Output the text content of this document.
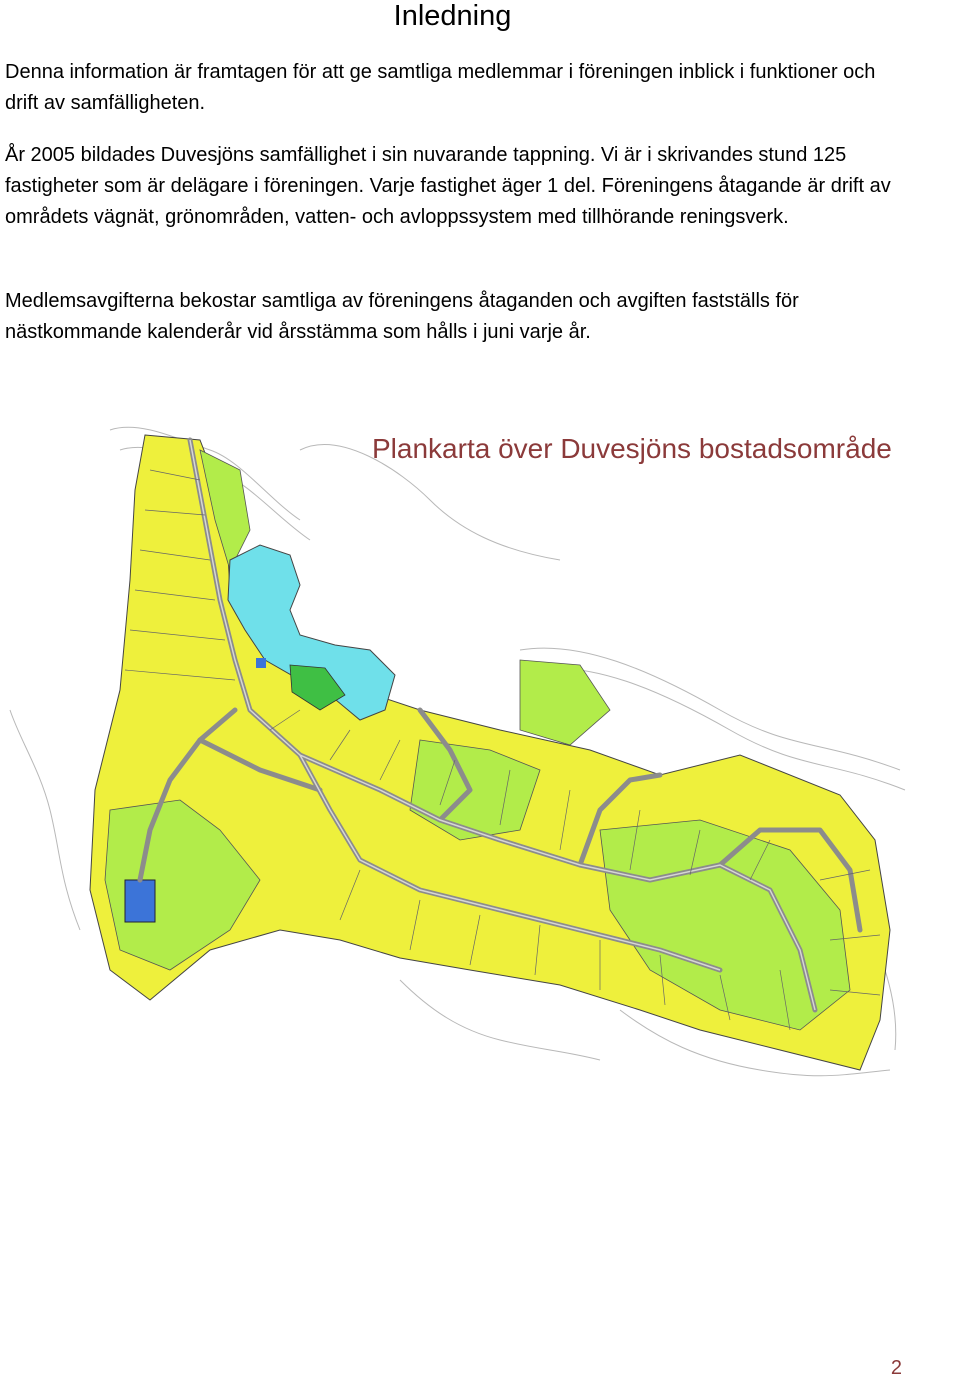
Inledning

Denna information är framtagen för att ge samtliga medlemmar i föreningen inblick i funktioner och drift av samfälligheten.

År 2005 bildades Duvesjöns samfällighet i sin nuvarande tappning. Vi är i skrivandes stund 125 fastigheter som är delägare i föreningen. Varje fastighet äger 1 del. Föreningens åtagande är drift av områdets vägnät, grönområden, vatten- och avloppssystem med tillhörande reningsverk.

Medlemsavgifterna bekostar samtliga av föreningens åtaganden och avgiften fastställs för nästkommande kalenderår vid årsstämma som hålls i juni varje år.

Plankarta över Duvesjöns bostadsområde
2
